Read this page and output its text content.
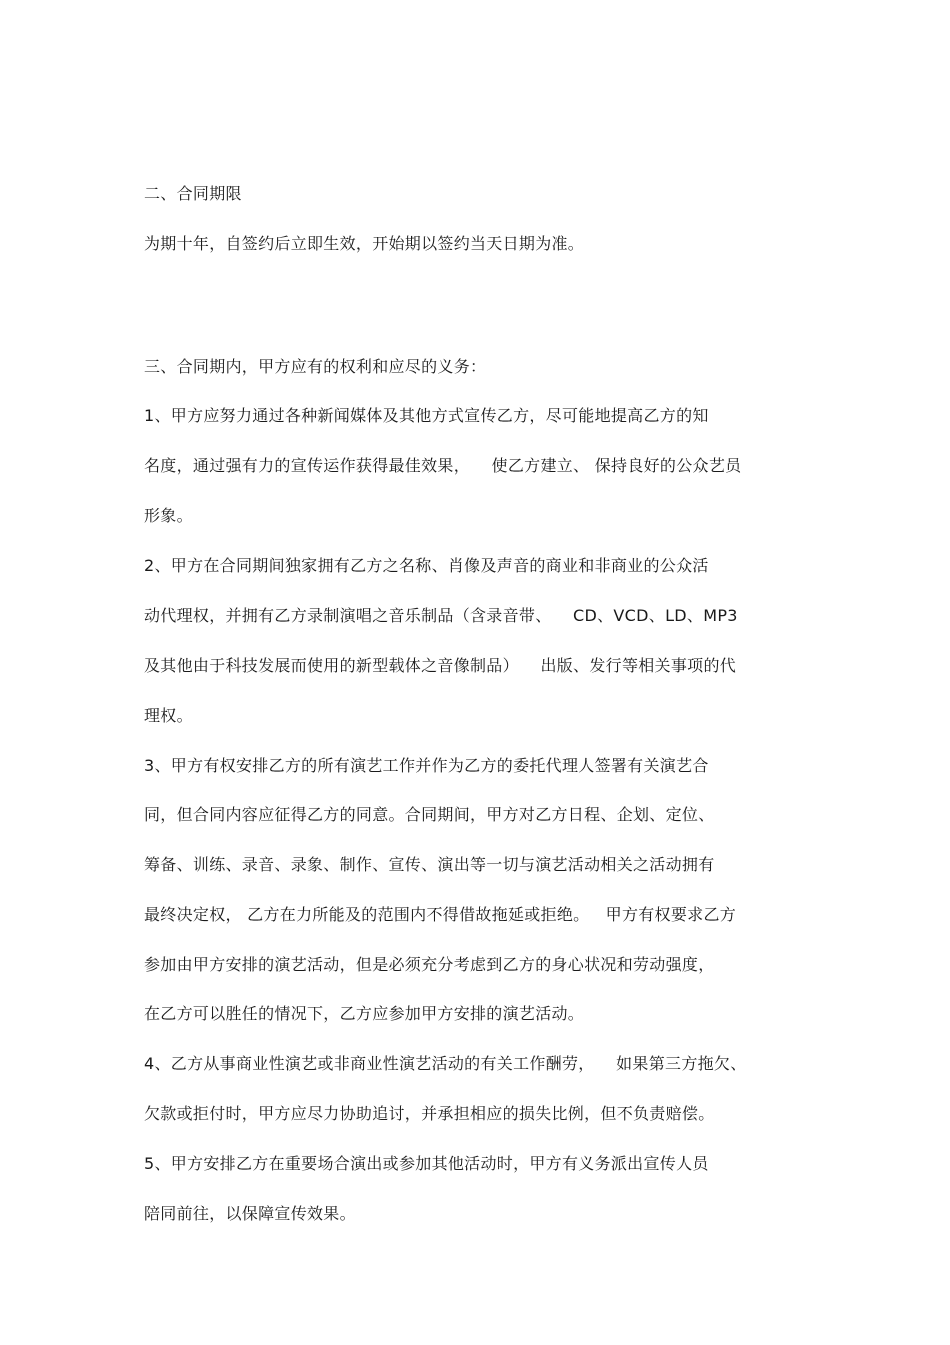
二、合同期限
为期十年，自签约后立即生效，开始期以签约当天日期为准。
三、合同期内，甲方应有的权利和应尽的义务：
1、甲方应努力通过各种新闻媒体及其他方式宣传乙方，尽可能地提高乙方的知
名度，通过强有力的宣传运作获得最佳效果，    使乙方建立、 保持良好的公众艺员
形象。
2、甲方在合同期间独家拥有乙方之名称、肖像及声音的商业和非商业的公众活
动代理权，并拥有乙方录制演唱之音乐制品（含录音带、    CD、VCD、LD、MP3
及其他由于科技发展而使用的新型载体之音像制品）    出版、发行等相关事项的代
理权。
3、甲方有权安排乙方的所有演艺工作并作为乙方的委托代理人签署有关演艺合
同，但合同内容应征得乙方的同意。合同期间，甲方对乙方日程、企划、定位、
筹备、训练、录音、录象、制作、宣传、演出等一切与演艺活动相关之活动拥有
最终决定权， 乙方在力所能及的范围内不得借故拖延或拒绝。   甲方有权要求乙方
参加由甲方安排的演艺活动，但是必须充分考虑到乙方的身心状况和劳动强度，
在乙方可以胜任的情况下，乙方应参加甲方安排的演艺活动。
4、乙方从事商业性演艺或非商业性演艺活动的有关工作酬劳，    如果第三方拖欠、
欠款或拒付时，甲方应尽力协助追讨，并承担相应的损失比例，但不负责赔偿。
5、甲方安排乙方在重要场合演出或参加其他活动时，甲方有义务派出宣传人员
陪同前往，以保障宣传效果。
